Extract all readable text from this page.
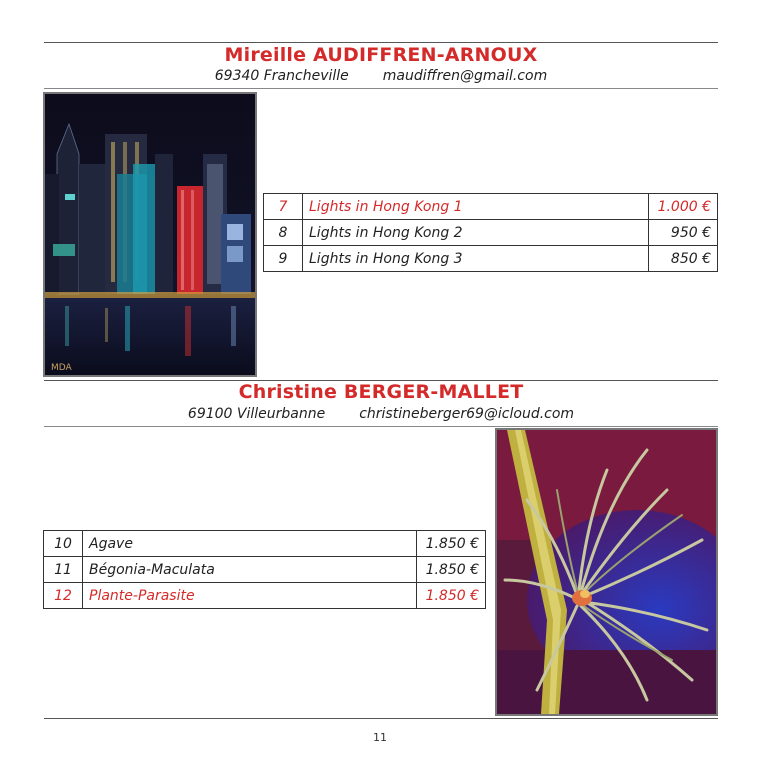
Mireille AUDIFFREN-ARNOUX
69340 Francheville maudiffren@gmail.com
MDA
7	Lights in Hong Kong 1	1.000 €
8	Lights in Hong Kong 2	950 €
9	Lights in Hong Kong 3	850 €
Christine BERGER-MALLET
69100 Villeurbanne christineberger69@icloud.com
10	Agave	1.850 €
11	Bégonia-Maculata	1.850 €
12	Plante-Parasite	1.850 €
11
